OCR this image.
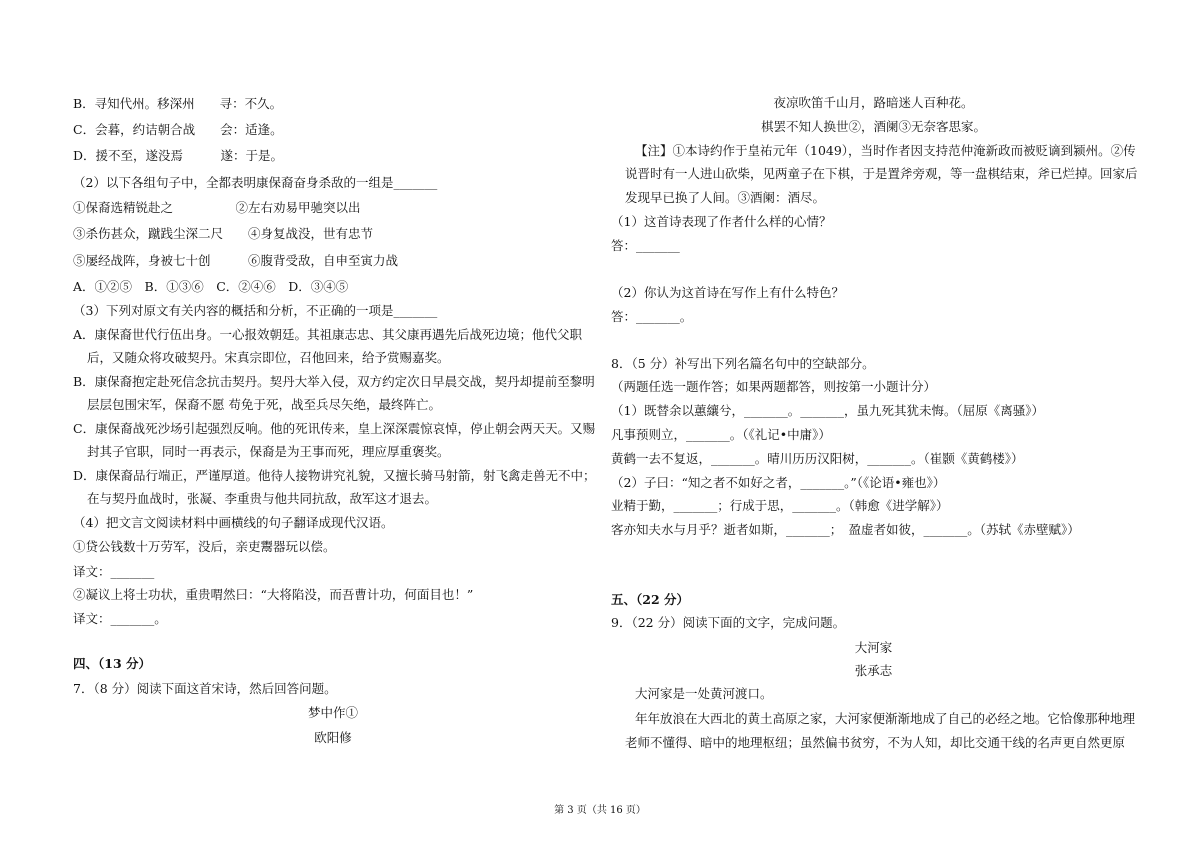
B．寻知代州。移深州　　寻：不久。
C．会暮，约诘朝合战　　会：适逢。
D．援不至，遂没焉　　　遂：于是。
（2）以下各组句子中，全都表明康保裔奋身杀敌的一组是_______
①保裔选精锐赴之　　　　　②左右劝易甲驰突以出
③杀伤甚众，蹴践尘深二尺　　④身复战没，世有忠节
⑤屡经战阵，身被七十创　　　⑥腹背受敌，自申至寅力战
A．①②⑤　B．①③⑥　C．②④⑥　D．③④⑤
（3）下列对原文有关内容的概括和分析，不正确的一项是_______
A．康保裔世代行伍出身。一心报效朝廷。其祖康志忠、其父康再遇先后战死边境；他代父职
后，又随众将攻破契丹。宋真宗即位，召他回来，给予赏赐嘉奖。
B．康保裔抱定赴死信念抗击契丹。契丹大举入侵，双方约定次日早晨交战，契丹却提前至黎明
层层包围宋军，保裔不愿 苟免于死，战至兵尽矢绝，最终阵亡。
C．康保裔战死沙场引起强烈反响。他的死讯传来，皇上深深震惊哀悼，停止朝会两天天。又赐
封其子官职，同时一再表示，保裔是为王事而死，理应厚重褒奖。
D．康保裔品行端正，严谨厚道。他待人接物讲究礼貌，又擅长骑马射箭，射飞禽走兽无不中；
在与契丹血战时，张凝、李重贵与他共同抗敌，敌军这才退去。
（4）把文言文阅读材料中画横线的句子翻译成现代汉语。
①贷公钱数十万劳军，没后，亲吏鬻器玩以偿。
译文：_______
②凝议上将士功状，重贵喟然曰：“大将陷没，而吾曹计功，何面目也！”
译文：_______。
四、（13 分）
7．（8 分）阅读下面这首宋诗，然后回答问题。
梦中作①
欧阳修
夜凉吹笛千山月，路暗迷人百种花。
棋罢不知人换世②，酒阑③无奈客思家。
【注】①本诗约作于皇祐元年（1049），当时作者因支持范仲淹新政而被贬谪到颍州。②传
说晋时有一人进山砍柴，见两童子在下棋，于是置斧旁观，等一盘棋结束，斧已烂掉。回家后
发现早已换了人间。③酒阑：酒尽。
（1）这首诗表现了作者什么样的心情？
答：_______
（2）你认为这首诗在写作上有什么特色？
答：_______。
8．（5 分）补写出下列名篇名句中的空缺部分。
（两题任选一题作答；如果两题都答，则按第一小题计分）
（1）既替余以蕙纕兮，_______。_______，虽九死其犹未悔。（屈原《离骚》）
凡事预则立，_______。（《礼记•中庸》）
黄鹤一去不复返，_______。晴川历历汉阳树，_______。（崔颢《黄鹤楼》）
（2）子曰：“知之者不如好之者，_______。”（《论语•雍也》）
业精于勤，_______；行成于思，_______。（韩愈《进学解》）
客亦知夫水与月乎？逝者如斯，_______；　盈虚者如彼，_______。（苏轼《赤壁赋》）
五、（22 分）
9．（22 分）阅读下面的文字，完成问题。
大河家
张承志
大河家是一处黄河渡口。
年年放浪在大西北的黄土高原之家，大河家便渐渐地成了自己的必经之地。它恰像那种地理
老师不懂得、暗中的地理枢纽；虽然偏书贫穷，不为人知，却比交通干线的名声更自然更原
第 3 页（共 16 页）
